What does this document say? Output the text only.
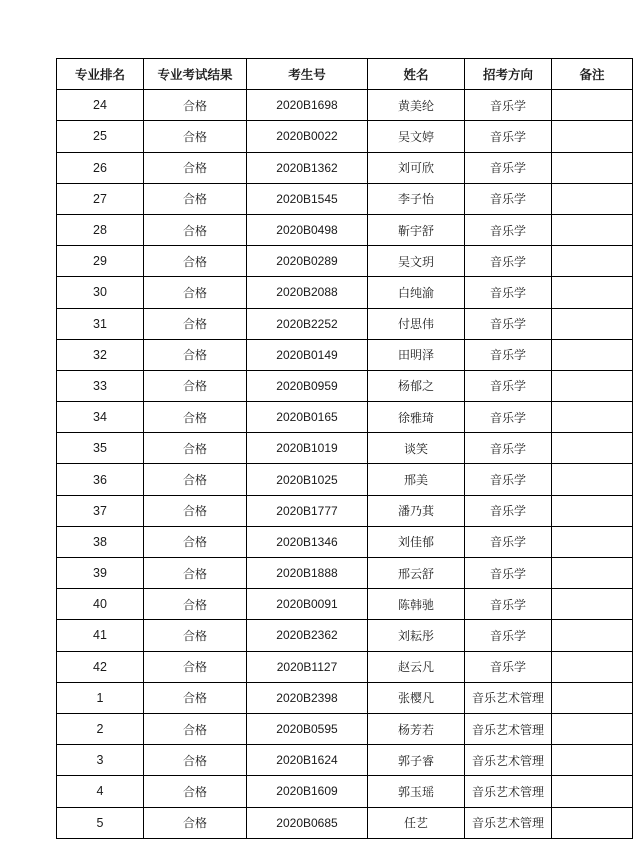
专业排名	专业考试结果	考生号	姓名	招考方向	备注
24	合格	2020B1698	黄美纶	音乐学	
25	合格	2020B0022	吴文婷	音乐学	
26	合格	2020B1362	刘可欣	音乐学	
27	合格	2020B1545	李子怡	音乐学	
28	合格	2020B0498	靳宇舒	音乐学	
29	合格	2020B0289	吴文玥	音乐学	
30	合格	2020B2088	白纯渝	音乐学	
31	合格	2020B2252	付思伟	音乐学	
32	合格	2020B0149	田明泽	音乐学	
33	合格	2020B0959	杨郁之	音乐学	
34	合格	2020B0165	徐雅琦	音乐学	
35	合格	2020B1019	谈笑	音乐学	
36	合格	2020B1025	邢美	音乐学	
37	合格	2020B1777	潘乃萁	音乐学	
38	合格	2020B1346	刘佳郁	音乐学	
39	合格	2020B1888	邢云舒	音乐学	
40	合格	2020B0091	陈韩驰	音乐学	
41	合格	2020B2362	刘耘彤	音乐学	
42	合格	2020B1127	赵云凡	音乐学	
1	合格	2020B2398	张樱凡	音乐艺术管理	
2	合格	2020B0595	杨芳若	音乐艺术管理	
3	合格	2020B1624	郭子睿	音乐艺术管理	
4	合格	2020B1609	郭玉瑶	音乐艺术管理	
5	合格	2020B0685	任艺	音乐艺术管理	
